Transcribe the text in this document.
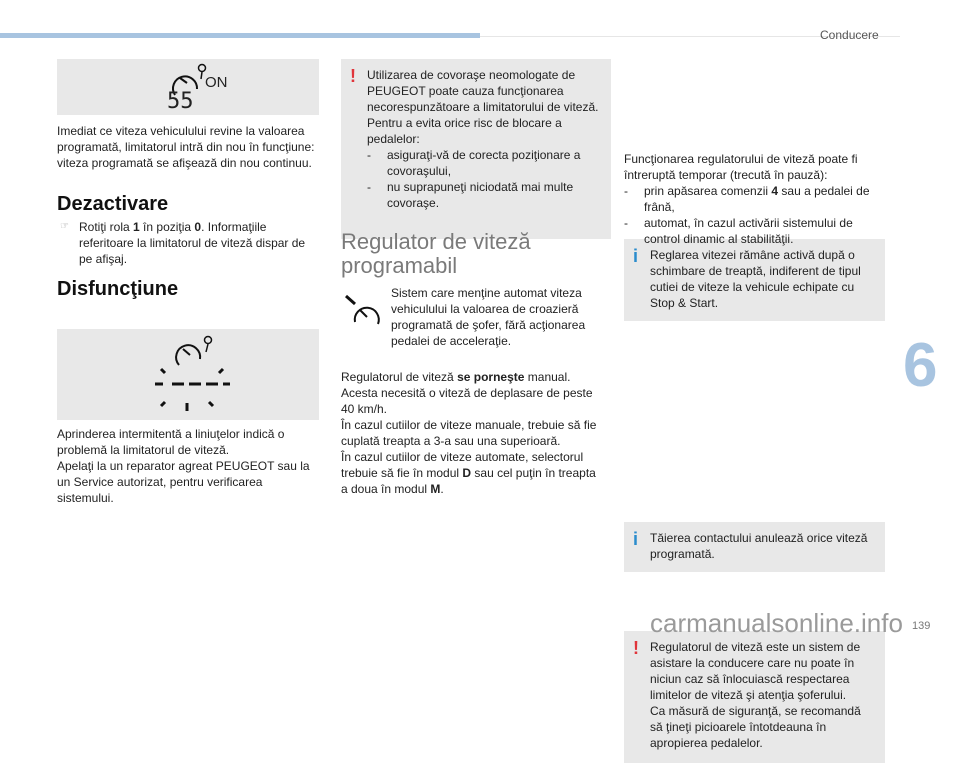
Conducere
ON
55

Imediat ce viteza vehiculului revine la valoarea programată, limitatorul intră din nou în funcţiune: viteza programată se afişează din nou continuu.

Dezactivare

☞ Rotiţi rola 1 în poziţia 0. Informaţiile referitoare la limitatorul de viteză dispar de pe afişaj.

Disfuncţiune

Aprinderea intermitentă a liniuţelor indică o problemă la limitatorul de viteză.

Apelaţi la un reparator agreat PEUGEOT sau la un Service autorizat, pentru verificarea sistemului.

! Utilizarea de covoraşe neomologate de PEUGEOT poate cauza funcţionarea necorespunzătoare a limitatorului de viteză. Pentru a evita orice risc de blocare a pedalelor:

- asiguraţi-vă de corecta poziţionare a covoraşului,

- nu suprapuneţi niciodată mai multe covoraşe.

Regulator de viteză programabil

Sistem care menţine automat viteza vehiculului la valoarea de croazieră programată de şofer, fără acţionarea pedalei de acceleraţie.

Regulatorul de viteză se porneşte manual.

Acesta necesită o viteză de deplasare de peste 40 km/h.

În cazul cutiilor de viteze manuale, trebuie să fie cuplată treapta a 3-a sau una superioară.

În cazul cutiilor de viteze automate, selectorul trebuie să fie în modul D sau cel puţin în treapta a doua în modul M.

i Reglarea vitezei rămâne activă după o schimbare de treaptă, indiferent de tipul cutiei de viteze la vehicule echipate cu Stop & Start.

Funcţionarea regulatorului de viteză poate fi întreruptă temporar (trecută în pauză):

- prin apăsarea comenzii 4 sau a pedalei de frână,

- automat, în cazul activării sistemului de control dinamic al stabilităţii.

i Tăierea contactului anulează orice viteză programată.

! Regulatorul de viteză este un sistem de asistare la conducere care nu poate în niciun caz să înlocuiască respectarea limitelor de viteză şi atenţia şoferului.

Ca măsură de siguranţă, se recomandă să ţineţi picioarele întotdeauna în apropierea pedalelor.

6
carmanualsonline.info 139
